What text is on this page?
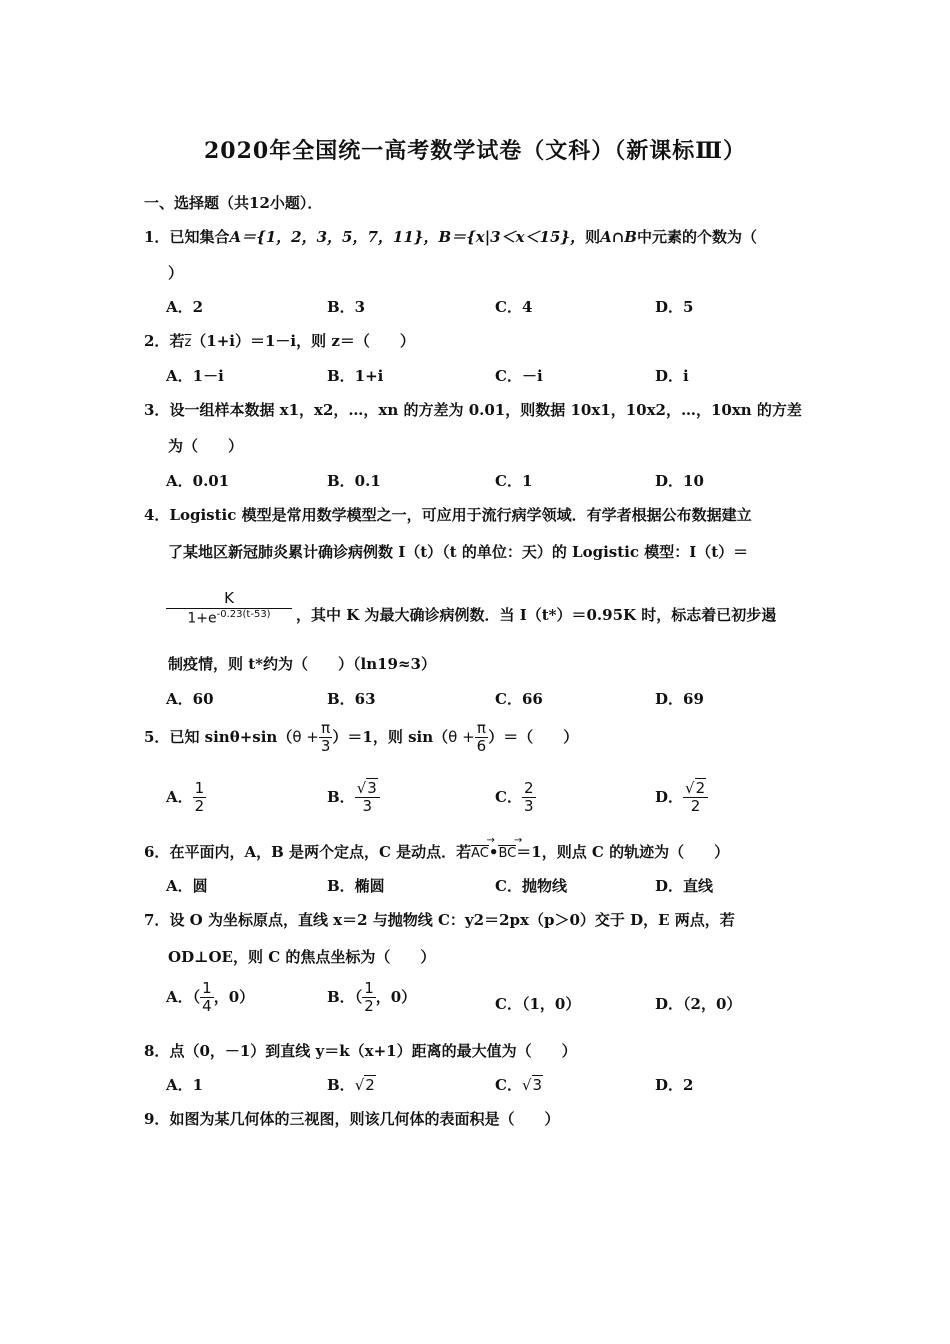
2020年全国统一高考数学试卷（文科）（新课标Ⅲ）
一、选择题（共12小题）．
1．已知集合A＝{1，2，3，5，7，11}，B＝{x|3＜x＜15}，则A∩B中元素的个数为（
）
A．2	B．3	C．4	D．5
2．若$\overline{z}(1+i)=1-i$，则 z＝（　　）
A．1－i	B．1+i	C．－i	D．i
3．设一组样本数据 x1，x2，…，xn 的方差为 0.01，则数据 10x1，10x2，…，10xn 的方差
为（　　）
A．0.01	B．0.1	C．1	D．10
4．Logistic 模型是常用数学模型之一，可应用于流行病学领域．有学者根据公布数据建立
了某地区新冠肺炎累计确诊病例数 I（t）（t 的单位：天）的 Logistic 模型：I（t）＝
$\frac{K}{1+e^{-0.23(t-53)}}$ ，其中 K 为最大确诊病例数．当 I（t*）＝0.95K 时，标志着已初步遏
制疫情，则 t*约为（　　）（ln19≈3）
A．60	B．63	C．66	D．69
5．已知 $\sin\theta+\sin(\theta + \frac{\pi}{3} )=1$，则 $\sin(\theta + \frac{\pi}{6}$ ）＝（　　）
A． $\frac{1}{2}$	B． $\frac{√3}{3}$	C． $\frac{2}{3}$	D． $\frac{√2}{2}$
6．在平面内，A，B 是两个定点，C 是动点．若AC →•BC →＝1，则点 C 的轨迹为（　　）
A．圆	B．椭圆	C．抛物线	D．直线
7．设 O 为坐标原点，直线 x＝2 与抛物线 C：y2＝2px（p＞0）交于 D，E 两点，若
OD⊥OE，则 C 的焦点坐标为（　　）
A．（ $\frac{1}{4}$ ，0）	B．（ $\frac{1}{2}$ ，0）	C．（1，0）	D．（2，0）
8．点（0，－1）到直线 y＝k（x+1）距离的最大值为（　　）
A．1	B．√2	C．√3	D．2
9．如图为某几何体的三视图，则该几何体的表面积是（　　）
